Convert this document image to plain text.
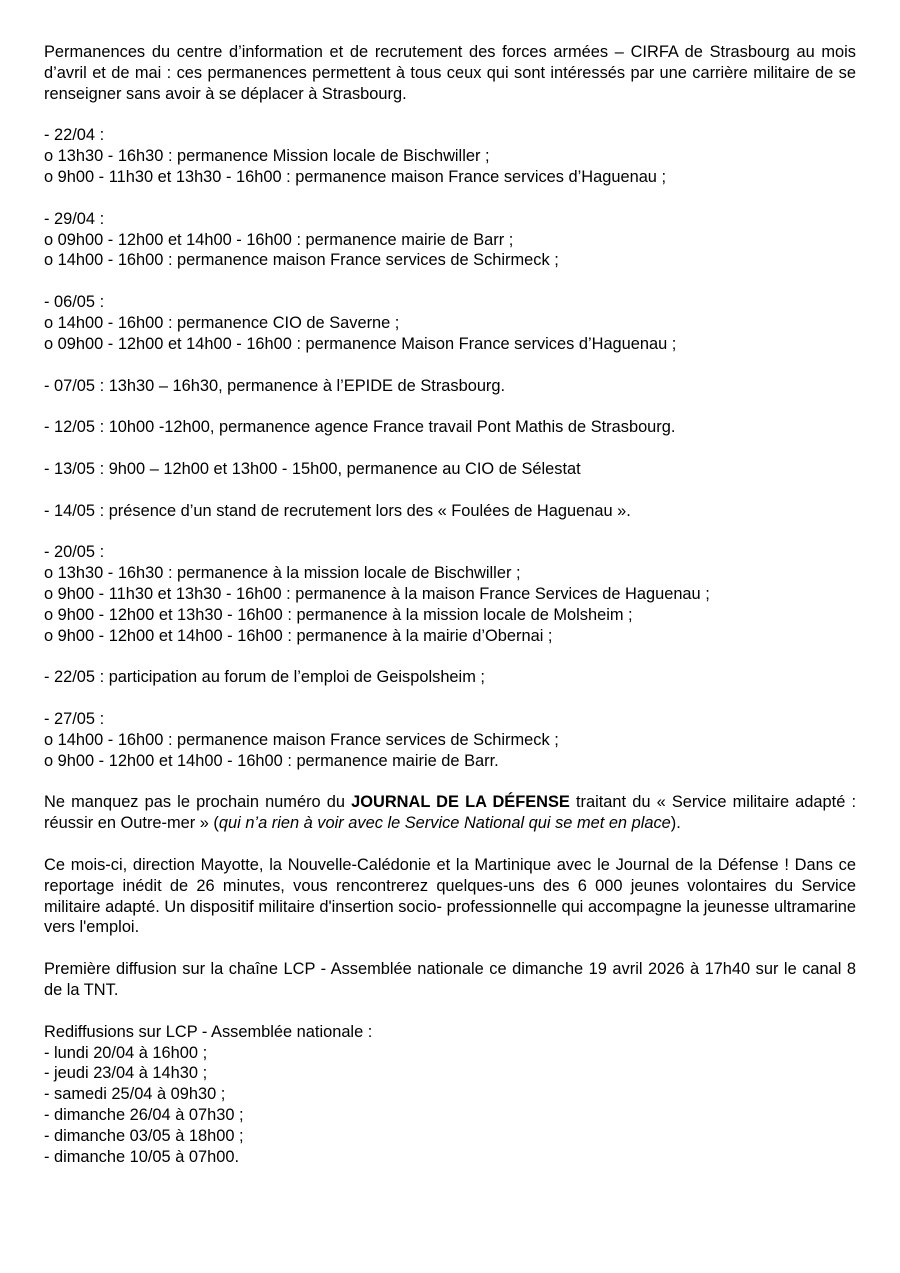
Permanences du centre d’information et de recrutement des forces armées – CIRFA de Strasbourg au mois d’avril et de mai : ces permanences permettent à tous ceux qui sont intéressés par une carrière militaire de se renseigner sans avoir à se déplacer à Strasbourg.

- 22/04 :
o 13h30 - 16h30 : permanence Mission locale de Bischwiller ;
o 9h00 - 11h30 et 13h30 - 16h00 : permanence maison France services d’Haguenau ;
- 29/04 :
o 09h00 - 12h00 et 14h00 - 16h00 : permanence mairie de Barr ;
o 14h00 - 16h00 : permanence maison France services de Schirmeck ;
- 06/05 :
o 14h00 - 16h00 : permanence CIO de Saverne ;
o 09h00 - 12h00 et 14h00 - 16h00 : permanence Maison France services d’Haguenau ;
- 07/05 : 13h30 – 16h30, permanence à l’EPIDE de Strasbourg.
- 12/05 : 10h00 -12h00, permanence agence France travail Pont Mathis de Strasbourg.
- 13/05 : 9h00 – 12h00 et 13h00 - 15h00, permanence au CIO de Sélestat
- 14/05 : présence d’un stand de recrutement lors des « Foulées de Haguenau ».
- 20/05 :
o 13h30 - 16h30 : permanence à la mission locale de Bischwiller ;
o 9h00 - 11h30 et 13h30 - 16h00 : permanence à la maison France Services de Haguenau ;
o 9h00 - 12h00 et 13h30 - 16h00 : permanence à la mission locale de Molsheim ;
o 9h00 - 12h00 et 14h00 - 16h00 : permanence à la mairie d’Obernai ;
- 22/05 : participation au forum de l’emploi de Geispolsheim ;
- 27/05 :
o 14h00 - 16h00 : permanence maison France services de Schirmeck ;
o 9h00 - 12h00 et 14h00 - 16h00 : permanence mairie de Barr.

Ne manquez pas le prochain numéro du JOURNAL DE LA DÉFENSE traitant du « Service militaire adapté : réussir en Outre-mer » (qui n’a rien à voir avec le Service National qui se met en place).

Ce mois-ci, direction Mayotte, la Nouvelle-Calédonie et la Martinique avec le Journal de la Défense ! Dans ce reportage inédit de 26 minutes, vous rencontrerez quelques-uns des 6 000 jeunes volontaires du Service militaire adapté. Un dispositif militaire d'insertion socio- professionnelle qui accompagne la jeunesse ultramarine vers l'emploi.

Première diffusion sur la chaîne LCP - Assemblée nationale ce dimanche 19 avril 2026 à 17h40 sur le canal 8 de la TNT.

Rediffusions sur LCP - Assemblée nationale :
- lundi 20/04 à 16h00 ;
- jeudi 23/04 à 14h30 ;
- samedi 25/04 à 09h30 ;
- dimanche 26/04 à 07h30 ;
- dimanche 03/05 à 18h00 ;
- dimanche 10/05 à 07h00.
